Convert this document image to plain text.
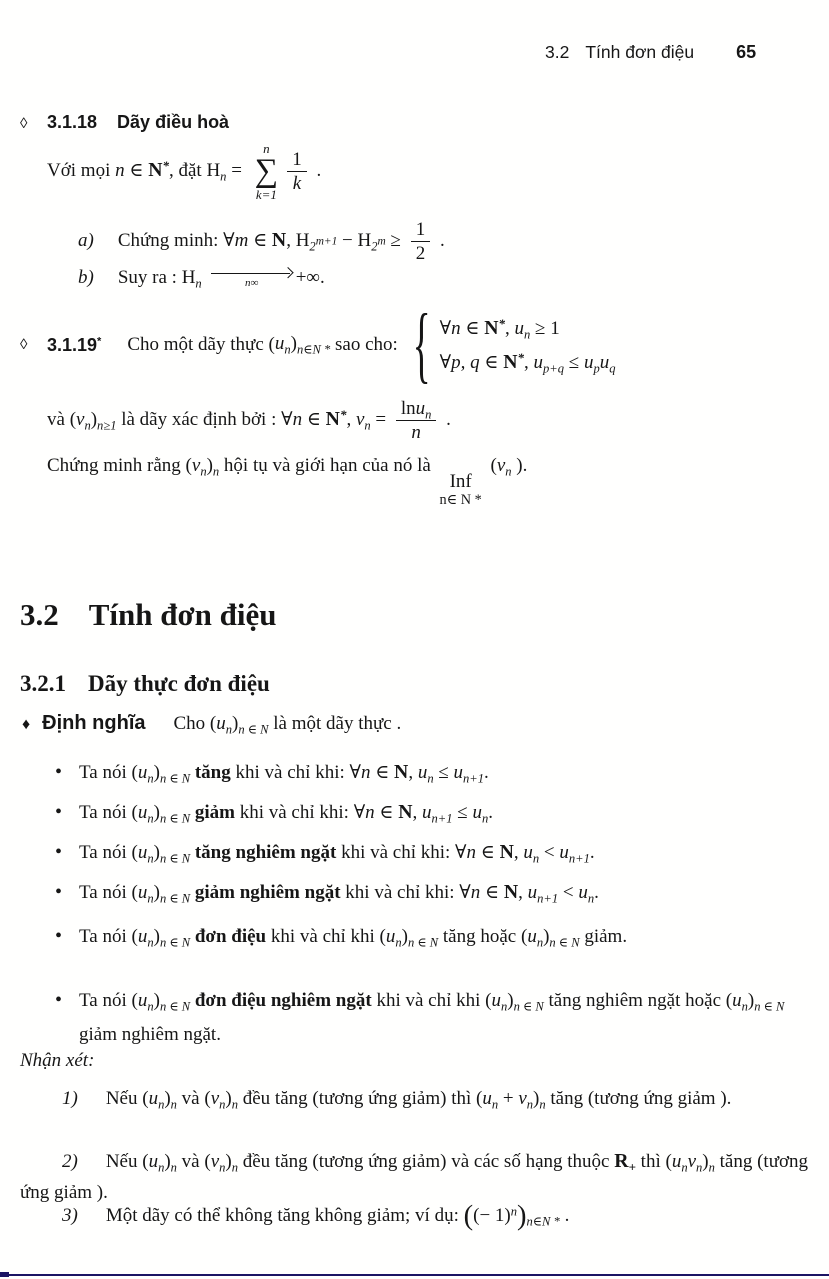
3.2 Tính đơn điệu 65
◊	3.1.18 Dãy điều hoà
Với mọi n ∈ N*, đặt $H_n$ =
n
∑
k=1
$\frac{1}{k}$ .
a) Chứng minh: ∀m ∈ N, $H_2^{m+1} - H_2^m \ge \frac{1}{2}$ .
b) Suy ra : $H_n$	n∞ +∞.
◊	3.1.19* Cho một dãy thực $(u_n)_{n\in N *}$ sao cho: { ∀n ∈ N*, $u_n \ge 1$
∀p, q ∈ N*, $u_{p+q} \le u_pu_q$
và $(v_n)_{n\ge 1}$ là dãy xác định bởi : ∀n ∈ N*, $v_n = \frac{\ln u_n}{n}$ .
Chứng minh rằng $(v_n)_n$ hội tụ và giới hạn của nó là
Inf
n∈ N *
($v_n$ ).
3.2 Tính đơn điệu
3.2.1 Dãy thực đơn điệu
♦ Định nghĩa Cho $(u_n)_{n \in N}$ là một dãy thực .
• Ta nói $(u_n)_{n \in N}$ tăng khi và chỉ khi: ∀n ∈ N, $u_n \le u_{n+1}$.
• Ta nói $(u_n)_{n \in N}$ giảm khi và chỉ khi: ∀n ∈ N, $u_{n+1} \le u_n$.
• Ta nói $(u_n)_{n \in N}$ tăng nghiêm ngặt khi và chỉ khi: ∀n ∈ N, $u_n < u_{n+1}$.
• Ta nói $(u_n)_{n \in N}$ giảm nghiêm ngặt khi và chỉ khi: ∀n ∈ N, $u_{n+1} < u_n$.
• Ta nói $(u_n)_{n \in N}$ đơn điệu khi và chỉ khi $(u_n)_{n \in N}$ tăng hoặc $(u_n)_{n \in N}$ giảm.
• Ta nói $(u_n)_{n \in N}$ đơn điệu nghiêm ngặt khi và chỉ khi $(u_n)_{n \in N}$ tăng nghiêm ngặt hoặc $(u_n)_{n \in N}$ giảm nghiêm ngặt.
Nhận xét:
1) Nếu $(u_n)_n$ và $(v_n)_n$ đều tăng (tương ứng giảm) thì $(u_n + v_n)_n$ tăng (tương ứng giảm ).
2) Nếu $(u_n)_n$ và $(v_n)_n$ đều tăng (tương ứng giảm) và các số hạng thuộc $R_+$ thì $(u_nv_n)_n$ tăng (tương ứng giảm ).
3) Một dãy có thể không tăng không giảm; ví dụ: ((− $1)^n)_{n\in N *}$ .
